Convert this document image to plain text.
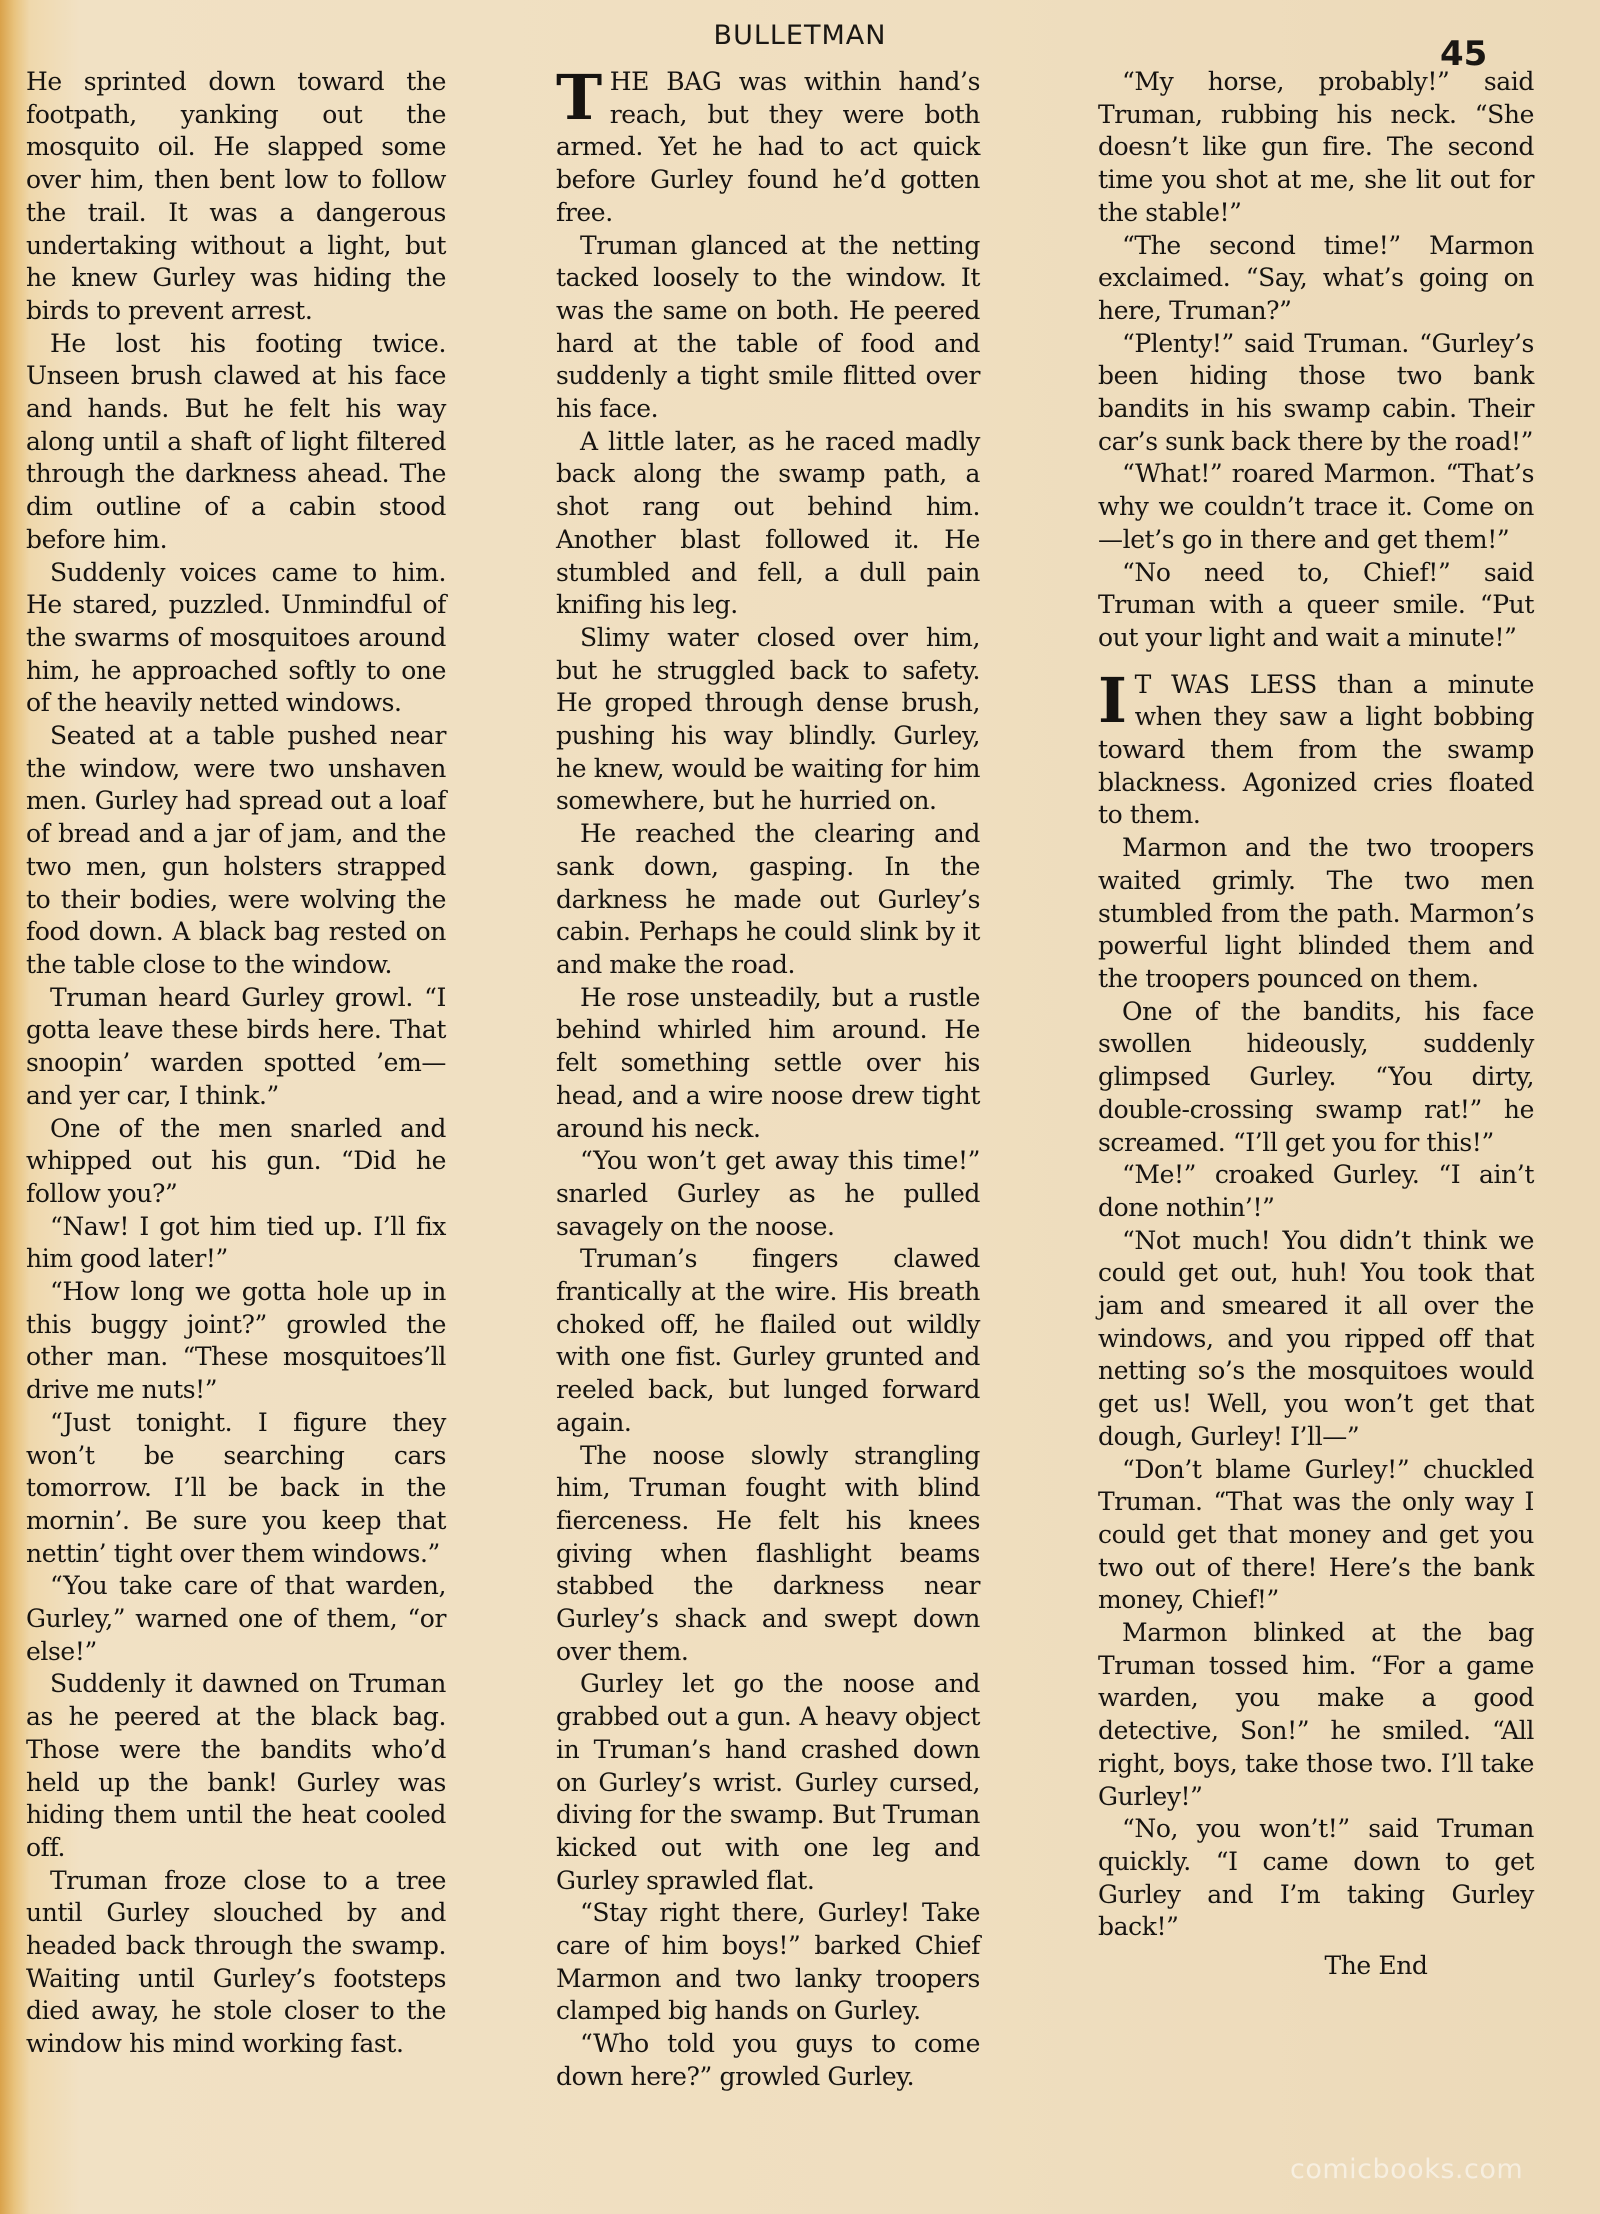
BULLETMAN	45

He sprinted down toward the footpath, yanking out the mosquito oil. He slapped some over him, then bent low to follow the trail. It was a dangerous undertaking without a light, but he knew Gurley was hiding the birds to prevent arrest.

He lost his footing twice. Unseen brush clawed at his face and hands. But he felt his way along until a shaft of light filtered through the darkness ahead. The dim outline of a cabin stood before him.

Suddenly voices came to him. He stared, puzzled. Unmindful of the swarms of mosquitoes around him, he approached softly to one of the heavily netted windows.

Seated at a table pushed near the window, were two unshaven men. Gurley had spread out a loaf of bread and a jar of jam, and the two men, gun holsters strapped to their bodies, were wolving the food down. A black bag rested on the table close to the window.

Truman heard Gurley growl. “I gotta leave these birds here. That snoopin’ warden spotted ’em—and yer car, I think.”

One of the men snarled and whipped out his gun. “Did he follow you?”

“Naw! I got him tied up. I’ll fix him good later!”

“How long we gotta hole up in this buggy joint?” growled the other man. “These mosquitoes’ll drive me nuts!”

“Just tonight. I figure they won’t be searching cars tomorrow. I’ll be back in the mornin’. Be sure you keep that nettin’ tight over them windows.”

“You take care of that warden, Gurley,” warned one of them, “or else!”

Suddenly it dawned on Truman as he peered at the black bag. Those were the bandits who’d held up the bank! Gurley was hiding them until the heat cooled off.

Truman froze close to a tree until Gurley slouched by and headed back through the swamp. Waiting until Gurley’s footsteps died away, he stole closer to the window his mind working fast.

THE BAG was within hand’s reach, but they were both armed. Yet he had to act quick before Gurley found he’d gotten free.

Truman glanced at the netting tacked loosely to the window. It was the same on both. He peered hard at the table of food and suddenly a tight smile flitted over his face.

A little later, as he raced madly back along the swamp path, a shot rang out behind him. Another blast followed it. He stumbled and fell, a dull pain knifing his leg.

Slimy water closed over him, but he struggled back to safety. He groped through dense brush, pushing his way blindly. Gurley, he knew, would be waiting for him somewhere, but he hurried on.

He reached the clearing and sank down, gasping. In the darkness he made out Gurley’s cabin. Perhaps he could slink by it and make the road.

He rose unsteadily, but a rustle behind whirled him around. He felt something settle over his head, and a wire noose drew tight around his neck.

“You won’t get away this time!” snarled Gurley as he pulled savagely on the noose.

Truman’s fingers clawed frantically at the wire. His breath choked off, he flailed out wildly with one fist. Gurley grunted and reeled back, but lunged forward again.

The noose slowly strangling him, Truman fought with blind fierceness. He felt his knees giving when flashlight beams stabbed the darkness near Gurley’s shack and swept down over them.

Gurley let go the noose and grabbed out a gun. A heavy object in Truman’s hand crashed down on Gurley’s wrist. Gurley cursed, diving for the swamp. But Truman kicked out with one leg and Gurley sprawled flat.

“Stay right there, Gurley! Take care of him boys!” barked Chief Marmon and two lanky troopers clamped big hands on Gurley.

“Who told you guys to come down here?” growled Gurley.

“My horse, probably!” said Truman, rubbing his neck. “She doesn’t like gun fire. The second time you shot at me, she lit out for the stable!”

“The second time!” Marmon exclaimed. “Say, what’s going on here, Truman?”

“Plenty!” said Truman. “Gurley’s been hiding those two bank bandits in his swamp cabin. Their car’s sunk back there by the road!”

“What!” roared Marmon. “That’s why we couldn’t trace it. Come on—let’s go in there and get them!”

“No need to, Chief!” said Truman with a queer smile. “Put out your light and wait a minute!”

I T WAS LESS than a minute when they saw a light bobbing toward them from the swamp blackness. Agonized cries floated to them.

Marmon and the two troopers waited grimly. The two men stumbled from the path. Marmon’s powerful light blinded them and the troopers pounced on them.

One of the bandits, his face swollen hideously, suddenly glimpsed Gurley. “You dirty, double-crossing swamp rat!” he screamed. “I’ll get you for this!”

“Me!” croaked Gurley. “I ain’t done nothin’!”

“Not much! You didn’t think we could get out, huh! You took that jam and smeared it all over the windows, and you ripped off that netting so’s the mosquitoes would get us! Well, you won’t get that dough, Gurley! I’ll—”

“Don’t blame Gurley!” chuckled Truman. “That was the only way I could get that money and get you two out of there! Here’s the bank money, Chief!”

Marmon blinked at the bag Truman tossed him. “For a game warden, you make a good detective, Son!” he smiled. “All right, boys, take those two. I’ll take Gurley!”

“No, you won’t!” said Truman quickly. “I came down to get Gurley and I’m taking Gurley back!”

The End
comicbooks.com
